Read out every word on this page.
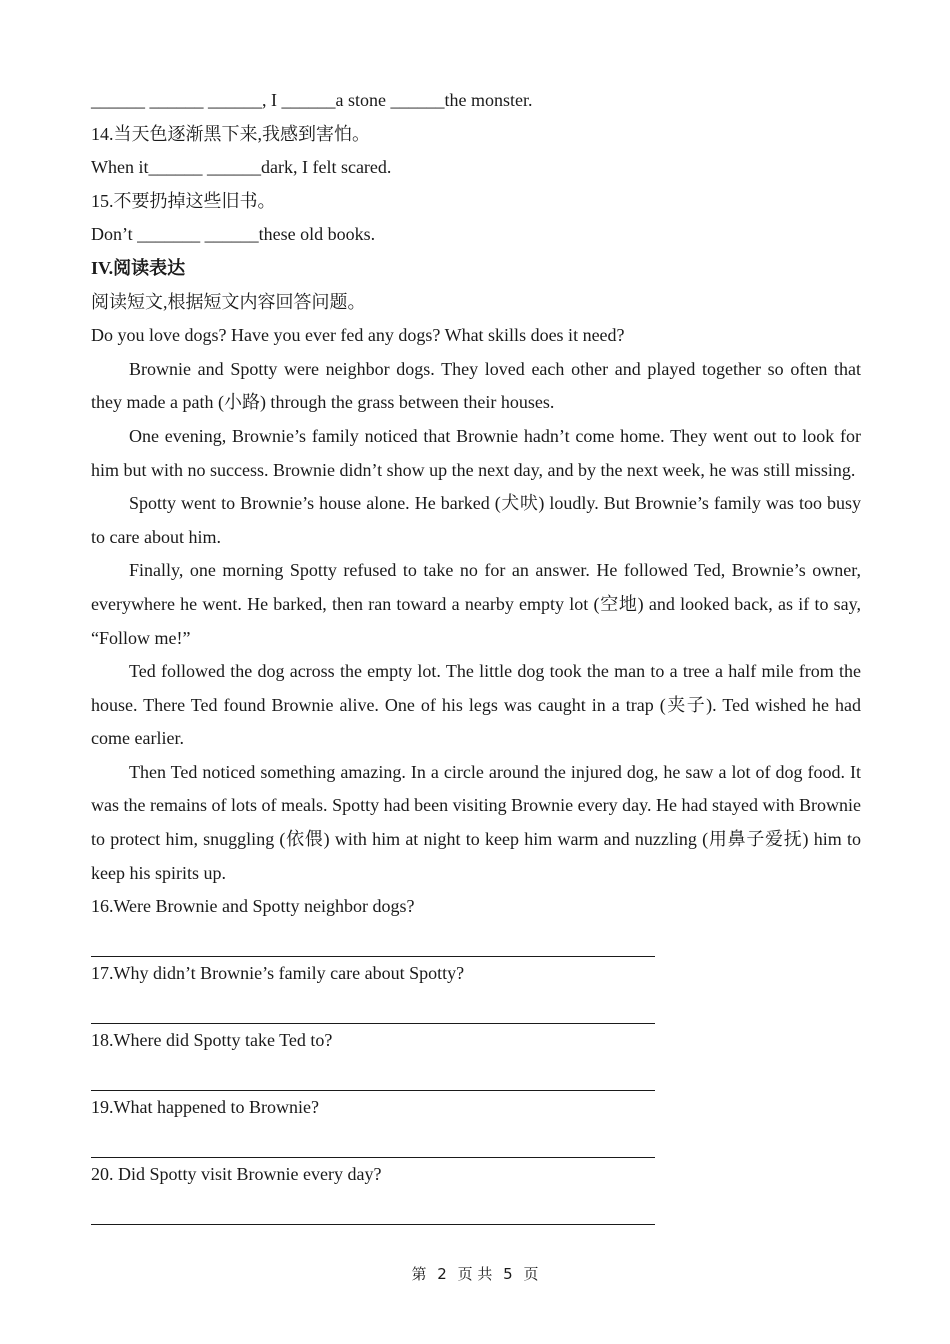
______ ______ ______, I ______a stone ______the monster.
14.当天色逐渐黑下来,我感到害怕。
When it______ ______dark, I felt scared.
15.不要扔掉这些旧书。
Don’t _______ ______these old books.
IV.阅读表达
阅读短文,根据短文内容回答问题。
Do you love dogs? Have you ever fed any dogs? What skills does it need?

Brownie and Spotty were neighbor dogs. They loved each other and played together so often that they made a path (小路) through the grass between their houses.

One evening, Brownie’s family noticed that Brownie hadn’t come home. They went out to look for him but with no success. Brownie didn’t show up the next day, and by the next week, he was still missing.

Spotty went to Brownie’s house alone. He barked (犬吠) loudly. But Brownie’s family was too busy to care about him.

Finally, one morning Spotty refused to take no for an answer. He followed Ted, Brownie’s owner, everywhere he went. He barked, then ran toward a nearby empty lot (空地) and looked back, as if to say, “Follow me!”

Ted followed the dog across the empty lot. The little dog took the man to a tree a half mile from the house. There Ted found Brownie alive. One of his legs was caught in a trap (夹子). Ted wished he had come earlier.

Then Ted noticed something amazing. In a circle around the injured dog, he saw a lot of dog food. It was the remains of lots of meals. Spotty had been visiting Brownie every day. He had stayed with Brownie to protect him, snuggling (依偎) with him at night to keep him warm and nuzzling (用鼻子爱抚) him to keep his spirits up.

16.Were Brownie and Spotty neighbor dogs?
17.Why didn’t Brownie’s family care about Spotty?
18.Where did Spotty take Ted to?
19.What happened to Brownie?
20. Did Spotty visit Brownie every day?
第 2 页 共 5 页
